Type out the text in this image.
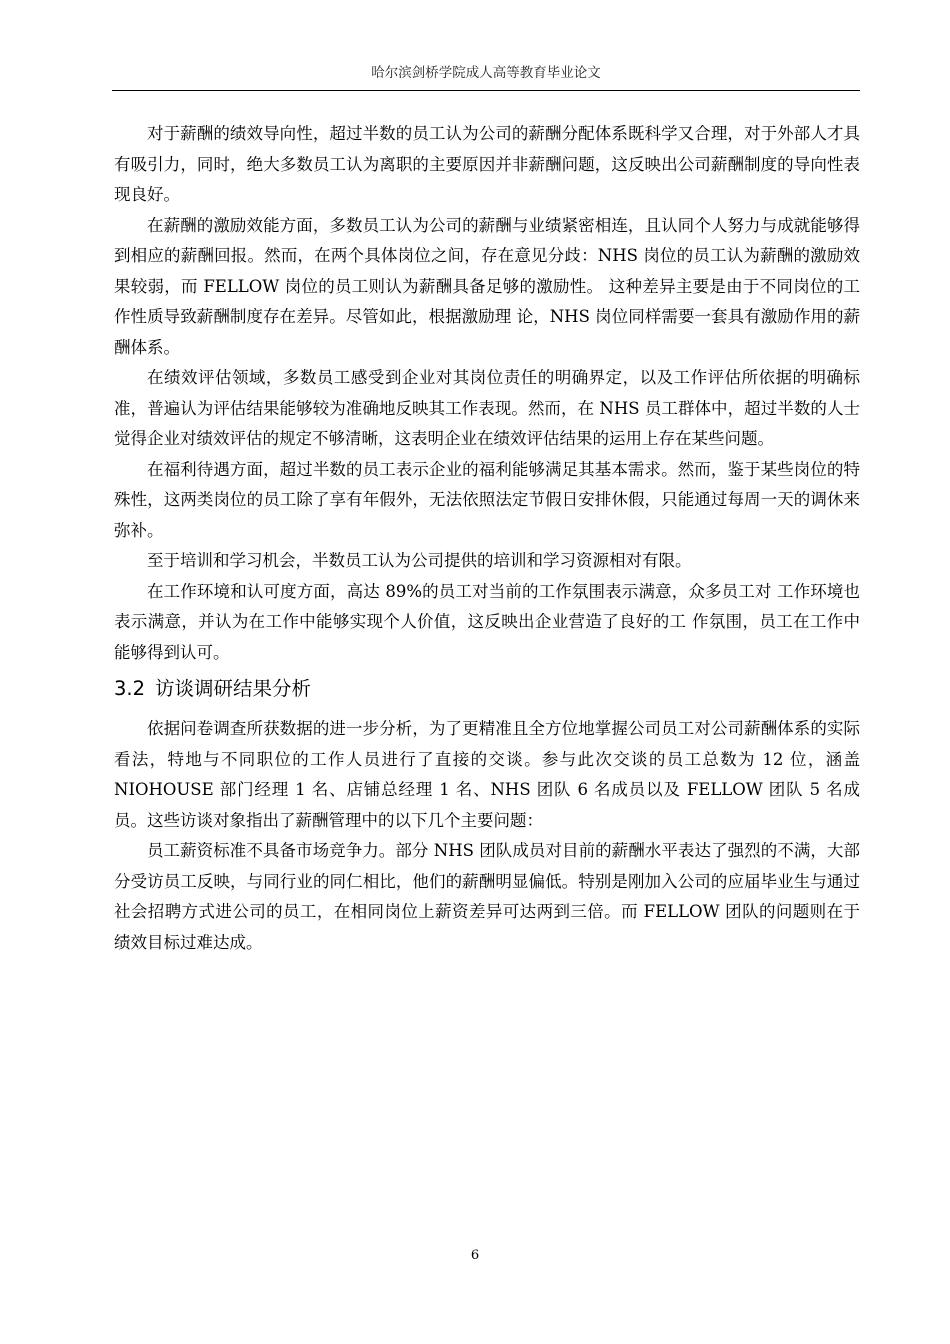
哈尔滨剑桥学院成人高等教育毕业论文

对于薪酬的绩效导向性，超过半数的员工认为公司的薪酬分配体系既科学又合理，对于外部人才具有吸引力，同时，绝大多数员工认为离职的主要原因并非薪酬问题，这反映出公司薪酬制度的导向性表现良好。

在薪酬的激励效能方面，多数员工认为公司的薪酬与业绩紧密相连，且认同个人努力与成就能够得到相应的薪酬回报。然而，在两个具体岗位之间，存在意见分歧：NHS 岗位的员工认为薪酬的激励效果较弱，而 FELLOW 岗位的员工则认为薪酬具备足够的激励性。 这种差异主要是由于不同岗位的工作性质导致薪酬制度存在差异。尽管如此，根据激励理 论，NHS 岗位同样需要一套具有激励作用的薪酬体系。

在绩效评估领域，多数员工感受到企业对其岗位责任的明确界定，以及工作评估所依据的明确标准，普遍认为评估结果能够较为准确地反映其工作表现。然而，在 NHS 员工群体中，超过半数的人士觉得企业对绩效评估的规定不够清晰，这表明企业在绩效评估结果的运用上存在某些问题。

在福利待遇方面，超过半数的员工表示企业的福利能够满足其基本需求。然而，鉴于某些岗位的特殊性，这两类岗位的员工除了享有年假外，无法依照法定节假日安排休假，只能通过每周一天的调休来弥补。

至于培训和学习机会，半数员工认为公司提供的培训和学习资源相对有限。

在工作环境和认可度方面，高达 89%的员工对当前的工作氛围表示满意，众多员工对 工作环境也表示满意，并认为在工作中能够实现个人价值，这反映出企业营造了良好的工 作氛围，员工在工作中能够得到认可。

3.2 访谈调研结果分析

依据问卷调查所获数据的进一步分析，为了更精准且全方位地掌握公司员工对公司薪酬体系的实际看法，特地与不同职位的工作人员进行了直接的交谈。参与此次交谈的员工总数为 12 位，涵盖 NIOHOUSE 部门经理 1 名、店铺总经理 1 名、NHS 团队 6 名成员以及 FELLOW 团队 5 名成员。这些访谈对象指出了薪酬管理中的以下几个主要问题：

员工薪资标准不具备市场竞争力。部分 NHS 团队成员对目前的薪酬水平表达了强烈的不满，大部分受访员工反映，与同行业的同仁相比，他们的薪酬明显偏低。特别是刚加入公司的应届毕业生与通过社会招聘方式进公司的员工，在相同岗位上薪资差异可达两到三倍。而 FELLOW 团队的问题则在于绩效目标过难达成。

6
